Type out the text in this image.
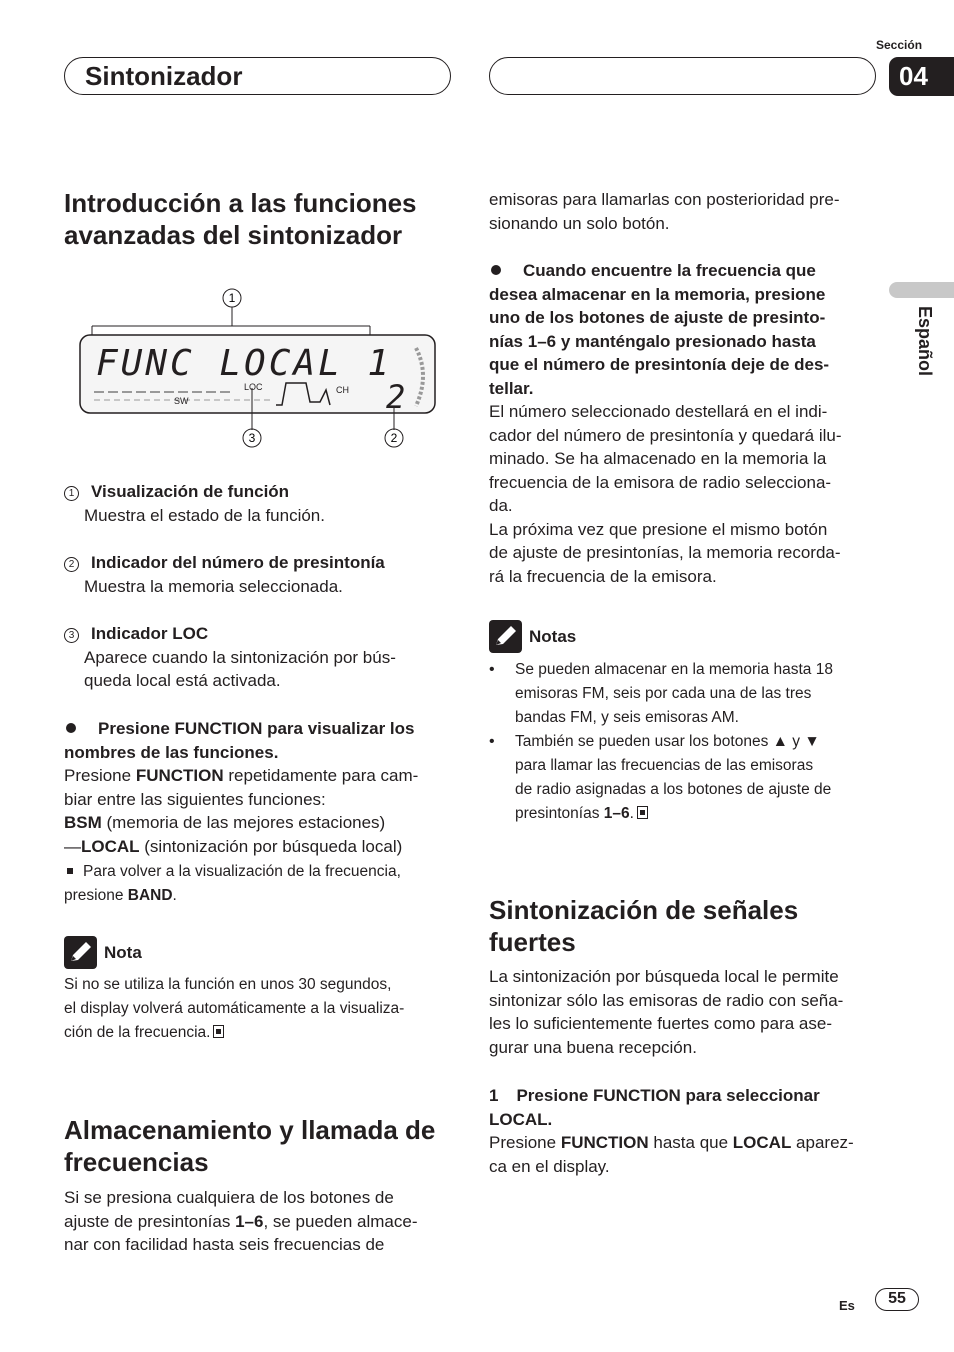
Sintonizador
Sección
04
Español
Introducción a las funciones avanzadas del sintonizador
1
FUNC LOCAL 1
LOC
SW
CH 2
3	2
1 Visualización de función
Muestra el estado de la función.
2 Indicador del número de presintonía
Muestra la memoria seleccionada.
3 Indicador LOC
Aparece cuando la sintonización por bús-
queda local está activada.
Presione FUNCTION para visualizar los
nombres de las funciones.
Presione FUNCTION repetidamente para cam-
biar entre las siguientes funciones:
BSM (memoria de las mejores estaciones)
—LOCAL (sintonización por búsqueda local)
Para volver a la visualización de la frecuencia,
presione BAND.
Nota
Si no se utiliza la función en unos 30 segundos,
el display volverá automáticamente a la visualiza-
ción de la frecuencia.
Almacenamiento y llamada de frecuencias
Si se presiona cualquiera de los botones de
ajuste de presintonías 1–6, se pueden almace-
nar con facilidad hasta seis frecuencias de
emisoras para llamarlas con posterioridad pre-
sionando un solo botón.
Cuando encuentre la frecuencia que
desea almacenar en la memoria, presione
uno de los botones de ajuste de presinto-
nías 1–6 y manténgalo presionado hasta
que el número de presintonía deje de des-
tellar.
El número seleccionado destellará en el indi-
cador del número de presintonía y quedará ilu-
minado. Se ha almacenado en la memoria la
frecuencia de la emisora de radio selecciona-
da.
La próxima vez que presione el mismo botón
de ajuste de presintonías, la memoria recorda-
rá la frecuencia de la emisora.
Notas
• Se pueden almacenar en la memoria hasta 18
emisoras FM, seis por cada una de las tres
bandas FM, y seis emisoras AM.
• También se pueden usar los botones ▲ y ▼
para llamar las frecuencias de las emisoras
de radio asignadas a los botones de ajuste de
presintonías 1–6.
Sintonización de señales fuertes
La sintonización por búsqueda local le permite
sintonizar sólo las emisoras de radio con seña-
les lo suficientemente fuertes como para ase-
gurar una buena recepción.
1 Presione FUNCTION para seleccionar
LOCAL.
Presione FUNCTION hasta que LOCAL aparez-
ca en el display.
Es	55
